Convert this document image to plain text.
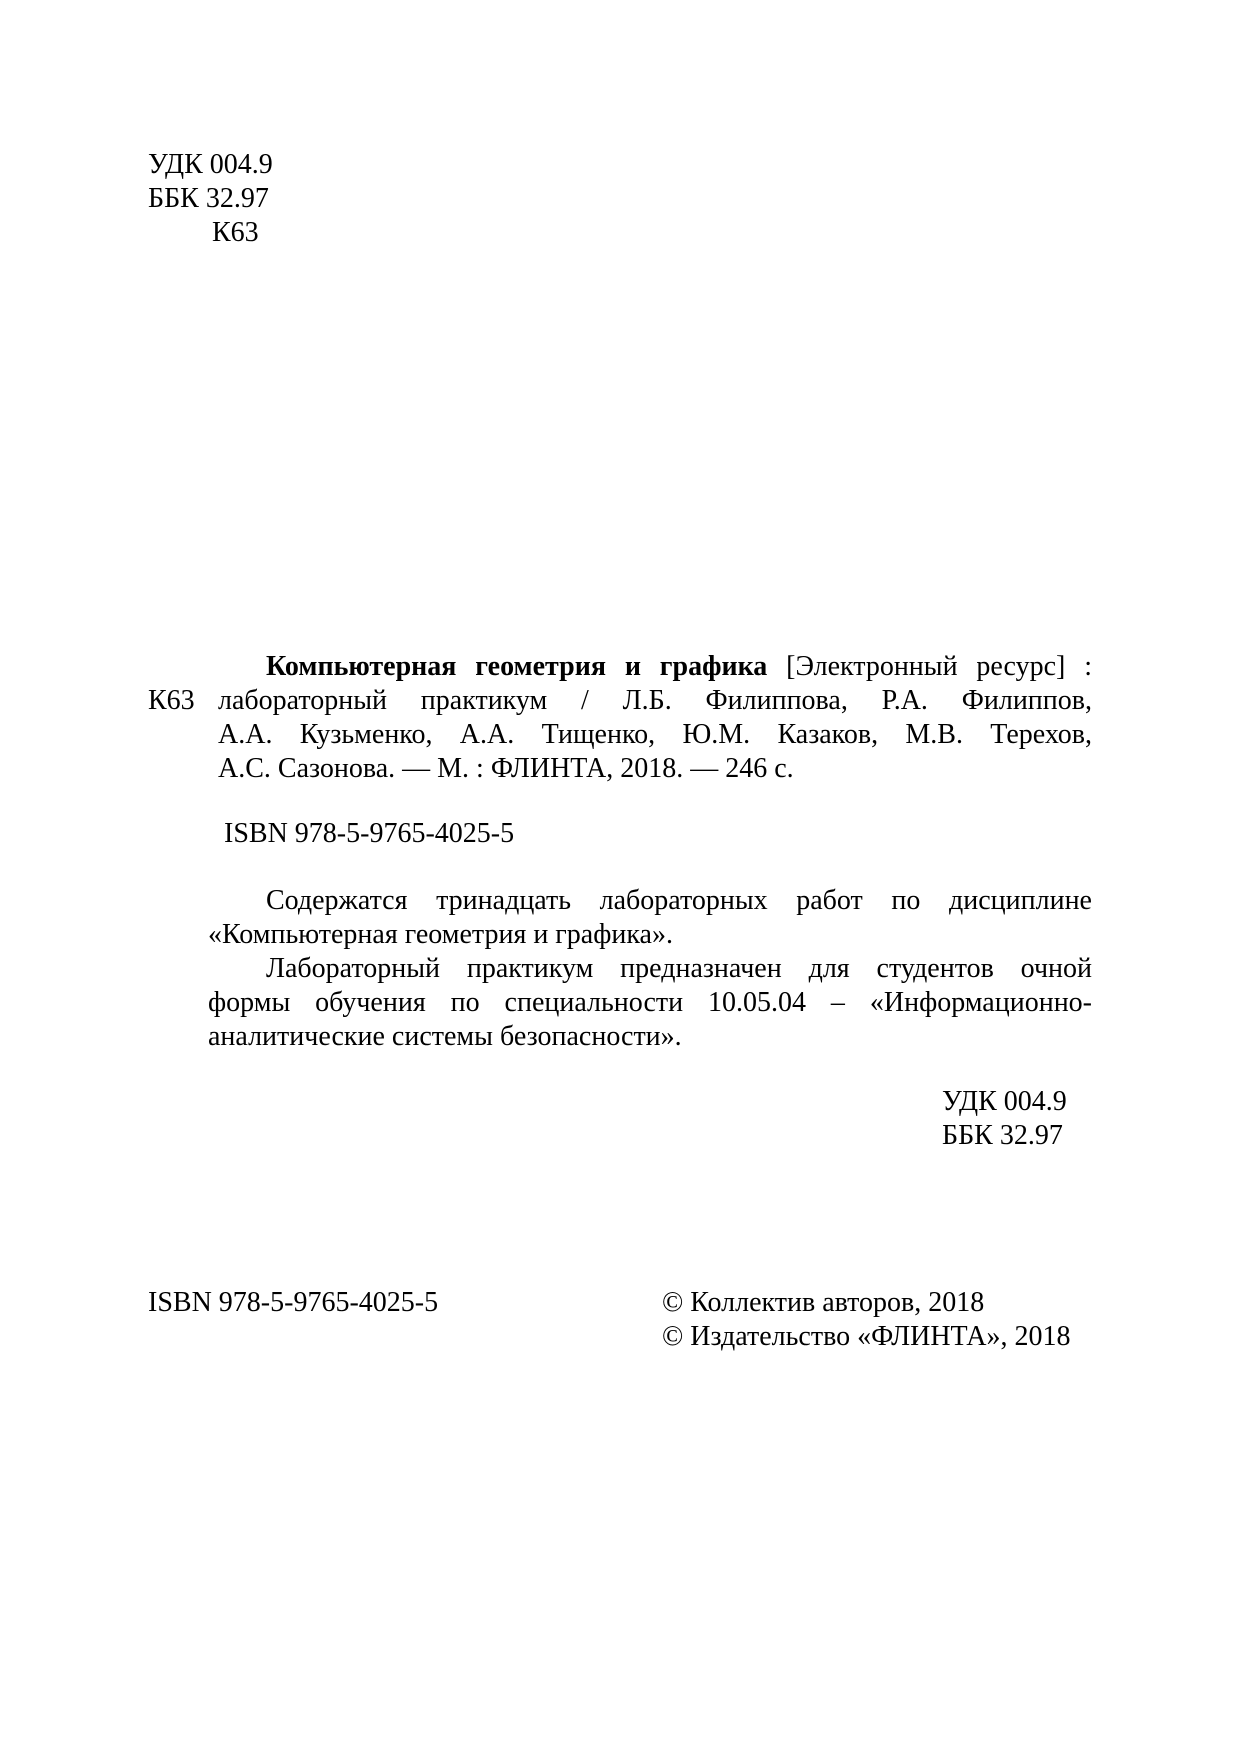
УДК 004.9
ББК 32.97
К63
Компьютерная геометрия и графика [Электронный ресурс] :
К63 лабораторный практикум / Л.Б. Филиппова, Р.А. Филиппов,
А.А. Кузьменко, А.А. Тищенко, Ю.М. Казаков, М.В. Терехов,
А.С. Сазонова. — М. : ФЛИНТА, 2018. — 246 с.
ISBN 978-5-9765-4025-5
Содержатся тринадцать лабораторных работ по дисциплине
«Компьютерная геометрия и графика».
Лабораторный практикум предназначен для студентов очной
формы обучения по специальности 10.05.04 – «Информационно-
аналитические системы безопасности».
УДК 004.9
ББК 32.97
ISBN 978-5-9765-4025-5	© Коллектив авторов, 2018
© Издательство «ФЛИНТА», 2018
